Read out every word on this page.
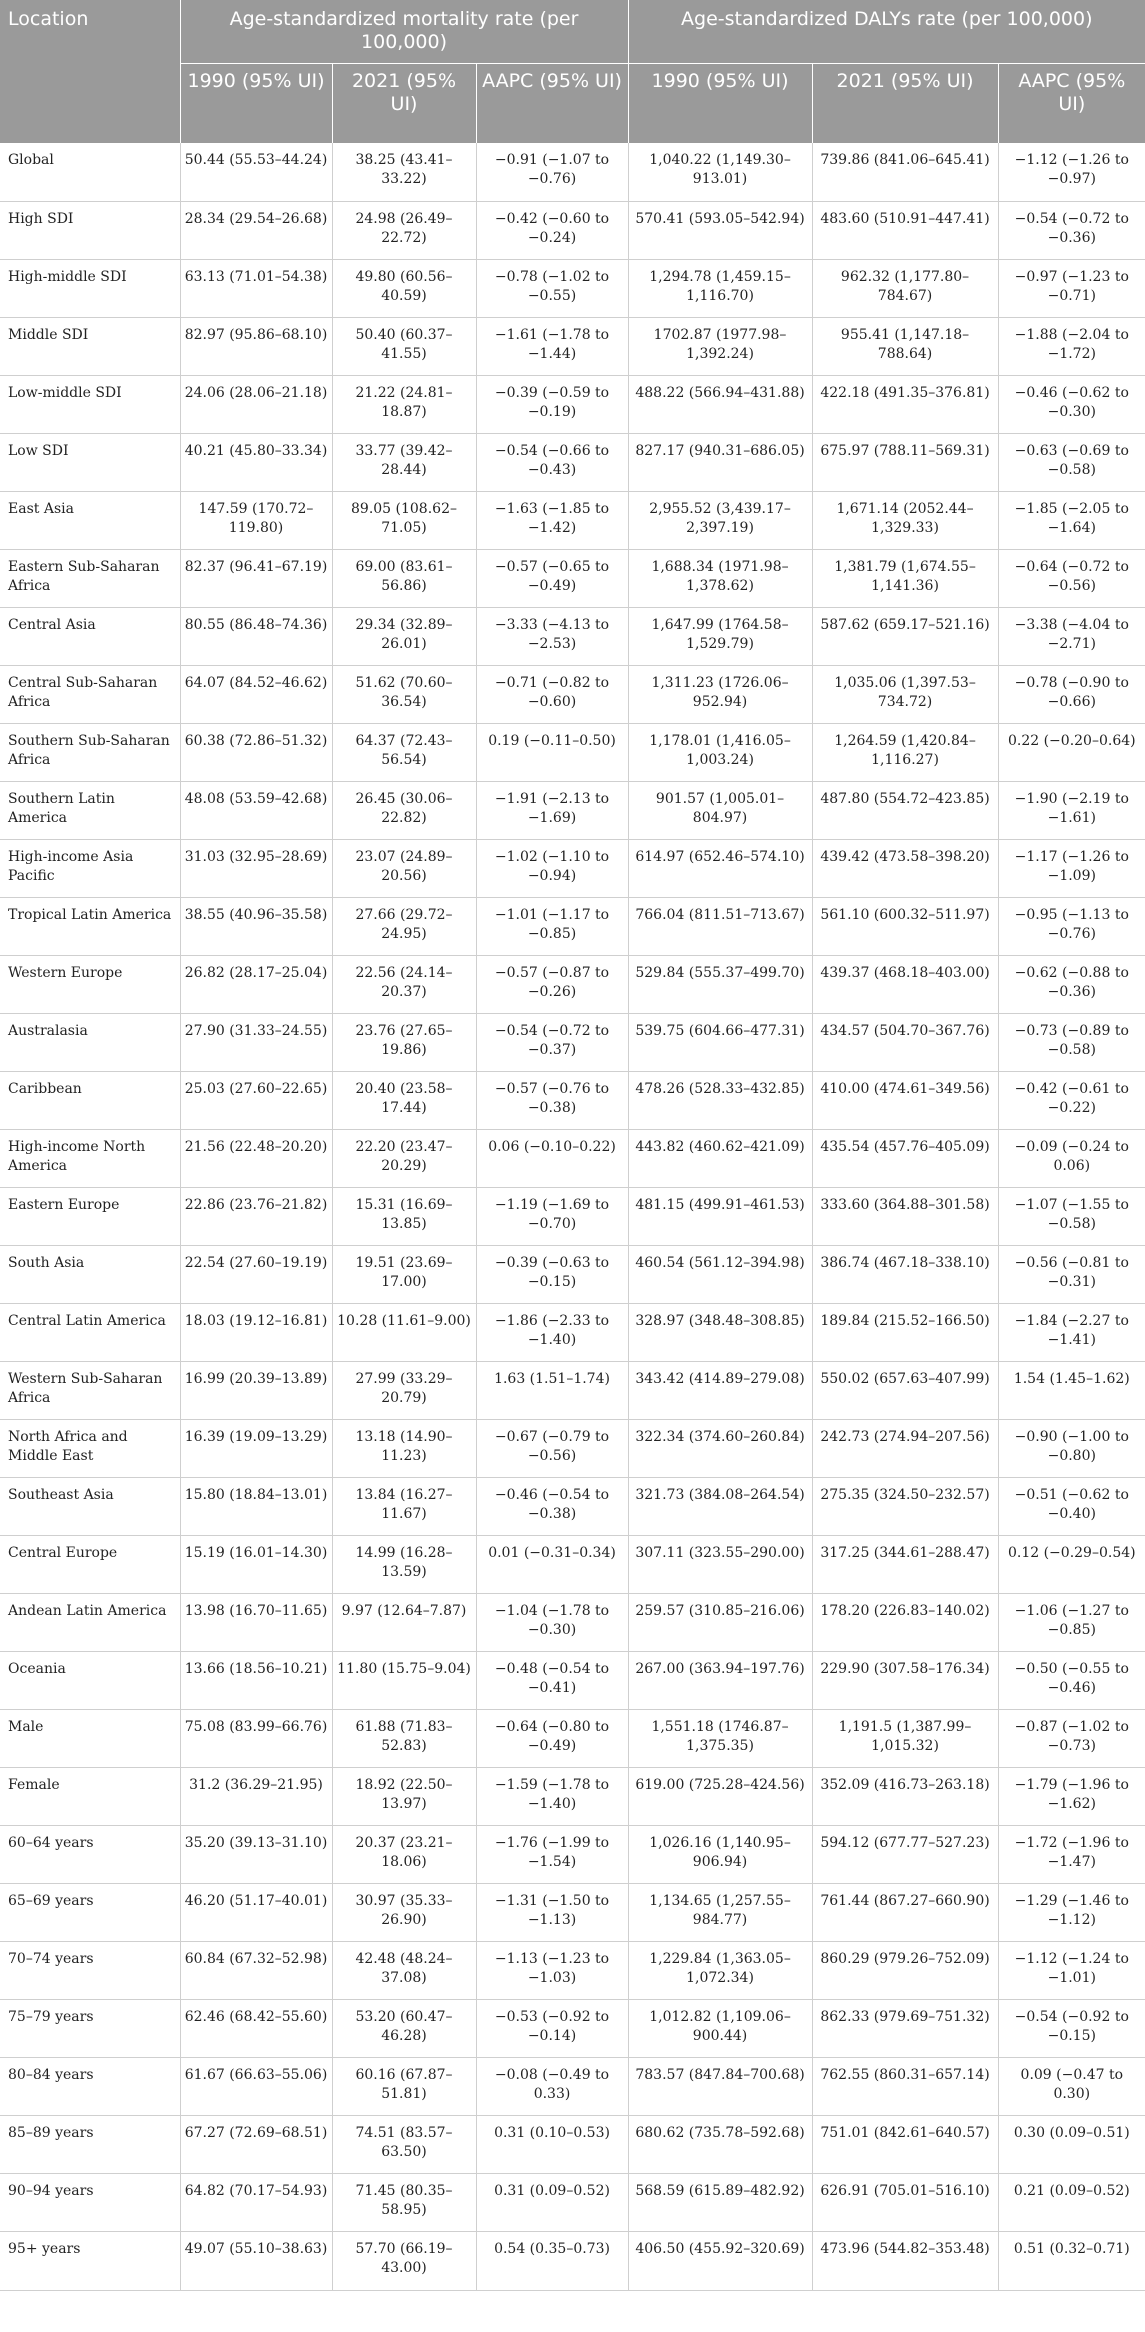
Location	Age-standardized mortality rate (per 100,000)			Age-standardized DALYs rate (per 100,000)		
	1990 (95% UI)	2021 (95% UI)	AAPC (95% UI)	1990 (95% UI)	2021 (95% UI)	AAPC (95% UI)
Global	50.44 (55.53–44.24)	38.25 (43.41–33.22)	−0.91 (−1.07 to −0.76)	1,040.22 (1,149.30–913.01)	739.86 (841.06–645.41)	−1.12 (−1.26 to −0.97)
High SDI	28.34 (29.54–26.68)	24.98 (26.49–22.72)	−0.42 (−0.60 to −0.24)	570.41 (593.05–542.94)	483.60 (510.91–447.41)	−0.54 (−0.72 to −0.36)
High-middle SDI	63.13 (71.01–54.38)	49.80 (60.56–40.59)	−0.78 (−1.02 to −0.55)	1,294.78 (1,459.15–1,116.70)	962.32 (1,177.80–784.67)	−0.97 (−1.23 to −0.71)
Middle SDI	82.97 (95.86–68.10)	50.40 (60.37–41.55)	−1.61 (−1.78 to −1.44)	1702.87 (1977.98–1,392.24)	955.41 (1,147.18–788.64)	−1.88 (−2.04 to −1.72)
Low-middle SDI	24.06 (28.06–21.18)	21.22 (24.81–18.87)	−0.39 (−0.59 to −0.19)	488.22 (566.94–431.88)	422.18 (491.35–376.81)	−0.46 (−0.62 to −0.30)
Low SDI	40.21 (45.80–33.34)	33.77 (39.42–28.44)	−0.54 (−0.66 to −0.43)	827.17 (940.31–686.05)	675.97 (788.11–569.31)	−0.63 (−0.69 to −0.58)
East Asia	147.59 (170.72–119.80)	89.05 (108.62–71.05)	−1.63 (−1.85 to −1.42)	2,955.52 (3,439.17–2,397.19)	1,671.14 (2052.44–1,329.33)	−1.85 (−2.05 to −1.64)
Eastern Sub-Saharan Africa	82.37 (96.41–67.19)	69.00 (83.61–56.86)	−0.57 (−0.65 to −0.49)	1,688.34 (1971.98–1,378.62)	1,381.79 (1,674.55–1,141.36)	−0.64 (−0.72 to −0.56)
Central Asia	80.55 (86.48–74.36)	29.34 (32.89–26.01)	−3.33 (−4.13 to −2.53)	1,647.99 (1764.58–1,529.79)	587.62 (659.17–521.16)	−3.38 (−4.04 to −2.71)
Central Sub-Saharan Africa	64.07 (84.52–46.62)	51.62 (70.60–36.54)	−0.71 (−0.82 to −0.60)	1,311.23 (1726.06–952.94)	1,035.06 (1,397.53–734.72)	−0.78 (−0.90 to −0.66)
Southern Sub-Saharan Africa	60.38 (72.86–51.32)	64.37 (72.43–56.54)	0.19 (−0.11–0.50)	1,178.01 (1,416.05–1,003.24)	1,264.59 (1,420.84–1,116.27)	0.22 (−0.20–0.64)
Southern Latin America	48.08 (53.59–42.68)	26.45 (30.06–22.82)	−1.91 (−2.13 to −1.69)	901.57 (1,005.01–804.97)	487.80 (554.72–423.85)	−1.90 (−2.19 to −1.61)
High-income Asia Pacific	31.03 (32.95–28.69)	23.07 (24.89–20.56)	−1.02 (−1.10 to −0.94)	614.97 (652.46–574.10)	439.42 (473.58–398.20)	−1.17 (−1.26 to −1.09)
Tropical Latin America	38.55 (40.96–35.58)	27.66 (29.72–24.95)	−1.01 (−1.17 to −0.85)	766.04 (811.51–713.67)	561.10 (600.32–511.97)	−0.95 (−1.13 to −0.76)
Western Europe	26.82 (28.17–25.04)	22.56 (24.14–20.37)	−0.57 (−0.87 to −0.26)	529.84 (555.37–499.70)	439.37 (468.18–403.00)	−0.62 (−0.88 to −0.36)
Australasia	27.90 (31.33–24.55)	23.76 (27.65–19.86)	−0.54 (−0.72 to −0.37)	539.75 (604.66–477.31)	434.57 (504.70–367.76)	−0.73 (−0.89 to −0.58)
Caribbean	25.03 (27.60–22.65)	20.40 (23.58–17.44)	−0.57 (−0.76 to −0.38)	478.26 (528.33–432.85)	410.00 (474.61–349.56)	−0.42 (−0.61 to −0.22)
High-income North America	21.56 (22.48–20.20)	22.20 (23.47–20.29)	0.06 (−0.10–0.22)	443.82 (460.62–421.09)	435.54 (457.76–405.09)	−0.09 (−0.24 to 0.06)
Eastern Europe	22.86 (23.76–21.82)	15.31 (16.69–13.85)	−1.19 (−1.69 to −0.70)	481.15 (499.91–461.53)	333.60 (364.88–301.58)	−1.07 (−1.55 to −0.58)
South Asia	22.54 (27.60–19.19)	19.51 (23.69–17.00)	−0.39 (−0.63 to −0.15)	460.54 (561.12–394.98)	386.74 (467.18–338.10)	−0.56 (−0.81 to −0.31)
Central Latin America	18.03 (19.12–16.81)	10.28 (11.61–9.00)	−1.86 (−2.33 to −1.40)	328.97 (348.48–308.85)	189.84 (215.52–166.50)	−1.84 (−2.27 to −1.41)
Western Sub-Saharan Africa	16.99 (20.39–13.89)	27.99 (33.29–20.79)	1.63 (1.51–1.74)	343.42 (414.89–279.08)	550.02 (657.63–407.99)	1.54 (1.45–1.62)
North Africa and Middle East	16.39 (19.09–13.29)	13.18 (14.90–11.23)	−0.67 (−0.79 to −0.56)	322.34 (374.60–260.84)	242.73 (274.94–207.56)	−0.90 (−1.00 to −0.80)
Southeast Asia	15.80 (18.84–13.01)	13.84 (16.27–11.67)	−0.46 (−0.54 to −0.38)	321.73 (384.08–264.54)	275.35 (324.50–232.57)	−0.51 (−0.62 to −0.40)
Central Europe	15.19 (16.01–14.30)	14.99 (16.28–13.59)	0.01 (−0.31–0.34)	307.11 (323.55–290.00)	317.25 (344.61–288.47)	0.12 (−0.29–0.54)
Andean Latin America	13.98 (16.70–11.65)	9.97 (12.64–7.87)	−1.04 (−1.78 to −0.30)	259.57 (310.85–216.06)	178.20 (226.83–140.02)	−1.06 (−1.27 to −0.85)
Oceania	13.66 (18.56–10.21)	11.80 (15.75–9.04)	−0.48 (−0.54 to −0.41)	267.00 (363.94–197.76)	229.90 (307.58–176.34)	−0.50 (−0.55 to −0.46)
Male	75.08 (83.99–66.76)	61.88 (71.83–52.83)	−0.64 (−0.80 to −0.49)	1,551.18 (1746.87–1,375.35)	1,191.5 (1,387.99–1,015.32)	−0.87 (−1.02 to −0.73)
Female	31.2 (36.29–21.95)	18.92 (22.50–13.97)	−1.59 (−1.78 to −1.40)	619.00 (725.28–424.56)	352.09 (416.73–263.18)	−1.79 (−1.96 to −1.62)
60–64 years	35.20 (39.13–31.10)	20.37 (23.21–18.06)	−1.76 (−1.99 to −1.54)	1,026.16 (1,140.95–906.94)	594.12 (677.77–527.23)	−1.72 (−1.96 to −1.47)
65–69 years	46.20 (51.17–40.01)	30.97 (35.33–26.90)	−1.31 (−1.50 to −1.13)	1,134.65 (1,257.55–984.77)	761.44 (867.27–660.90)	−1.29 (−1.46 to −1.12)
70–74 years	60.84 (67.32–52.98)	42.48 (48.24–37.08)	−1.13 (−1.23 to −1.03)	1,229.84 (1,363.05–1,072.34)	860.29 (979.26–752.09)	−1.12 (−1.24 to −1.01)
75–79 years	62.46 (68.42–55.60)	53.20 (60.47–46.28)	−0.53 (−0.92 to −0.14)	1,012.82 (1,109.06–900.44)	862.33 (979.69–751.32)	−0.54 (−0.92 to −0.15)
80–84 years	61.67 (66.63–55.06)	60.16 (67.87–51.81)	−0.08 (−0.49 to 0.33)	783.57 (847.84–700.68)	762.55 (860.31–657.14)	0.09 (−0.47 to 0.30)
85–89 years	67.27 (72.69–68.51)	74.51 (83.57–63.50)	0.31 (0.10–0.53)	680.62 (735.78–592.68)	751.01 (842.61–640.57)	0.30 (0.09–0.51)
90–94 years	64.82 (70.17–54.93)	71.45 (80.35–58.95)	0.31 (0.09–0.52)	568.59 (615.89–482.92)	626.91 (705.01–516.10)	0.21 (0.09–0.52)
95+ years	49.07 (55.10–38.63)	57.70 (66.19–43.00)	0.54 (0.35–0.73)	406.50 (455.92–320.69)	473.96 (544.82–353.48)	0.51 (0.32–0.71)
